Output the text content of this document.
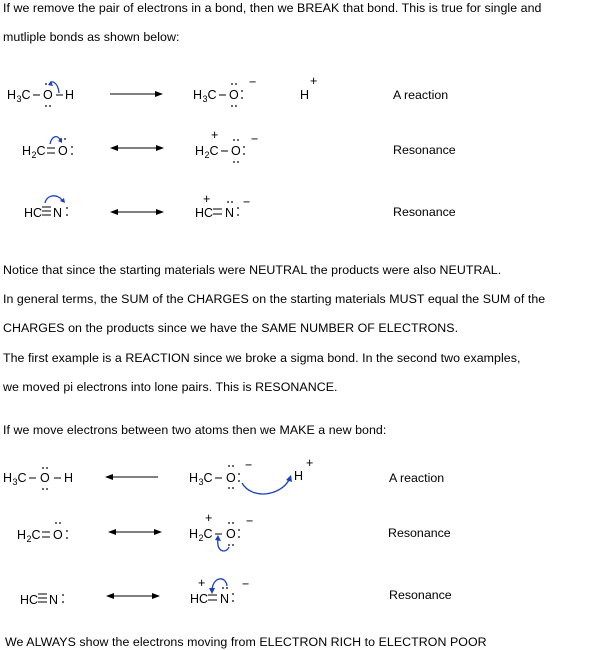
If we remove the pair of electrons in a bond, then we BREAK that bond. This is true for single and
mutliple bonds as shown below:
H 3 C O H	H 3 C O
−
H
+
A reaction
H 2 C O
+
H 2 C O
−
Resonance
HC N
+
HC N
−
Resonance
Notice that since the starting materials were NEUTRAL the products were also NEUTRAL.
In general terms, the SUM of the CHARGES on the starting materials MUST equal the SUM of the
CHARGES on the products since we have the SAME NUMBER OF ELECTRONS.
The first example is a REACTION since we broke a sigma bond. In the second two examples,
we moved pi electrons into lone pairs. This is RESONANCE.
If we move electrons between two atoms then we MAKE a new bond:
H 3 C O H	H 3 C O
−
H
+
A reaction
H 2 C O
+
H 2 C O
−
Resonance
HC N
+
HC N
−
Resonance
We ALWAYS show the electrons moving from ELECTRON RICH to ELECTRON POOR
